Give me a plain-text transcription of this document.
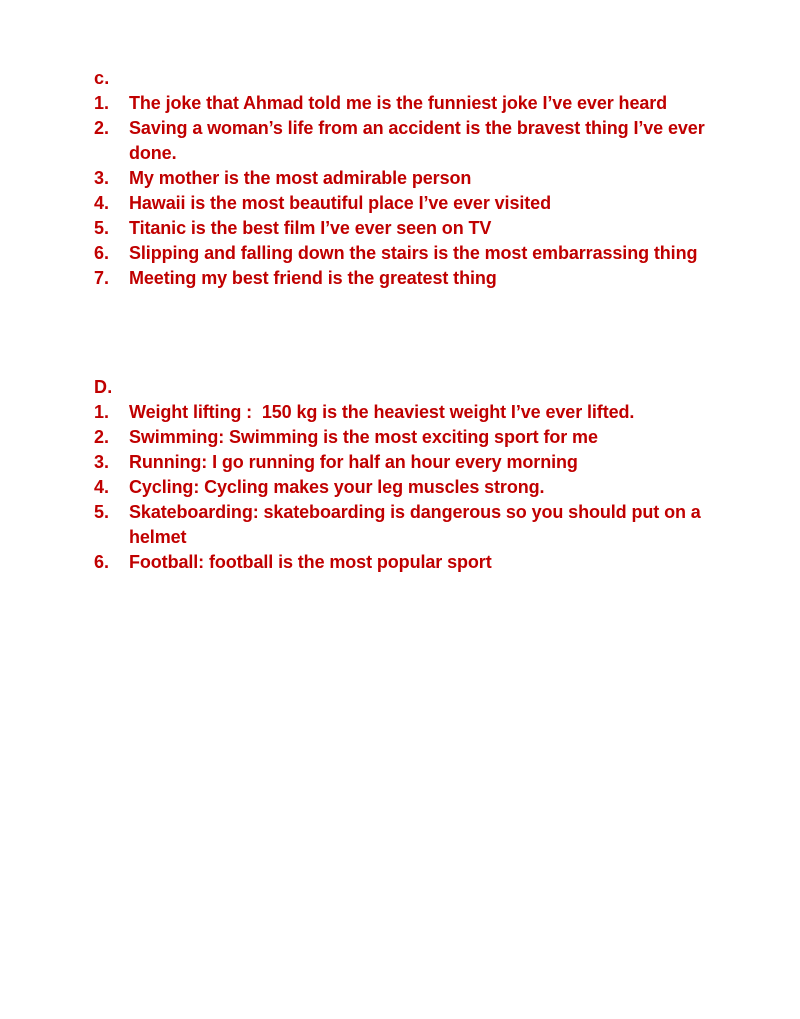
c.
1.	The joke that Ahmad told me is the funniest joke I’ve ever heard
2.	Saving a woman’s life from an accident is the bravest thing I’ve ever done.
3.	My mother is the most admirable person
4.	Hawaii is the most beautiful place I’ve ever visited
5.	Titanic is the best film I’ve ever seen on TV
6.	Slipping and falling down the stairs is the most embarrassing thing
7.	Meeting my best friend is the greatest thing
D.
1.	Weight lifting :  150 kg is the heaviest weight I’ve ever lifted.
2.	Swimming: Swimming is the most exciting sport for me
3.	Running: I go running for half an hour every morning
4.	Cycling: Cycling makes your leg muscles strong.
5.	Skateboarding: skateboarding is dangerous so you should put on a helmet
6.	Football: football is the most popular sport
